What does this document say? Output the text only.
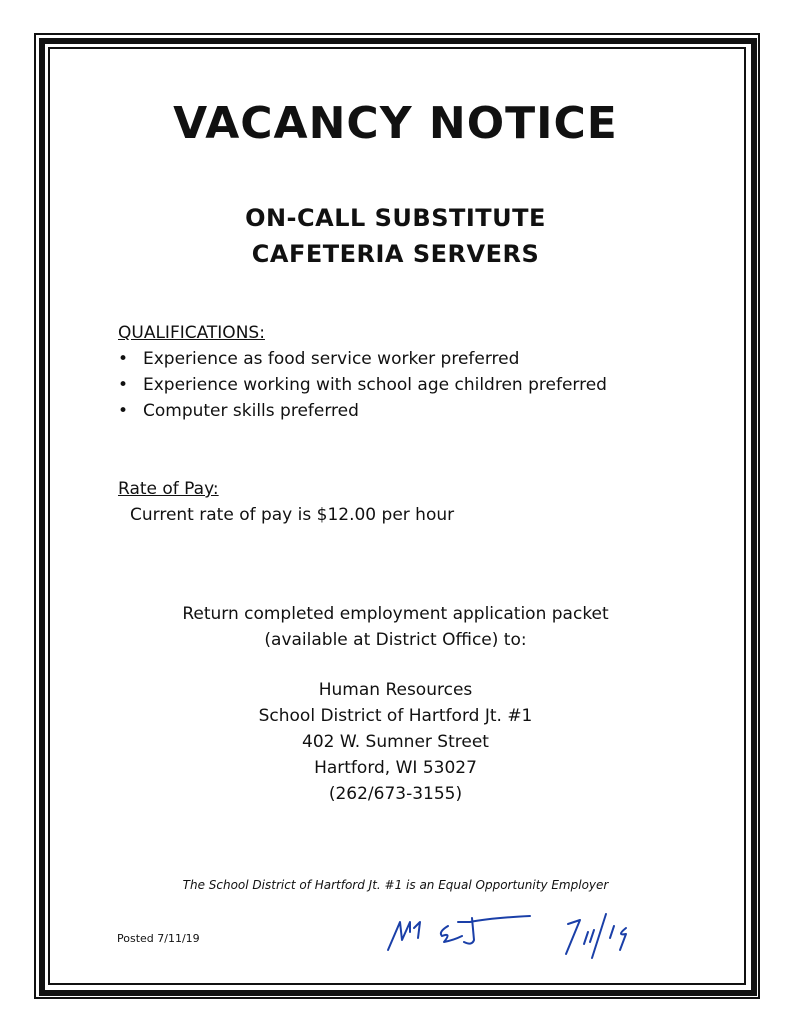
VACANCY NOTICE
ON-CALL SUBSTITUTE
CAFETERIA SERVERS
QUALIFICATIONS:
• Experience as food service worker preferred
• Experience working with school age children preferred
• Computer skills preferred
Rate of Pay:
Current rate of pay is $12.00 per hour
Return completed employment application packet
(available at District Office) to:
Human Resources
School District of Hartford Jt. #1
402 W. Sumner Street
Hartford, WI 53027
(262/673-3155)
The School District of Hartford Jt. #1 is an Equal Opportunity Employer
Posted 7/11/19
